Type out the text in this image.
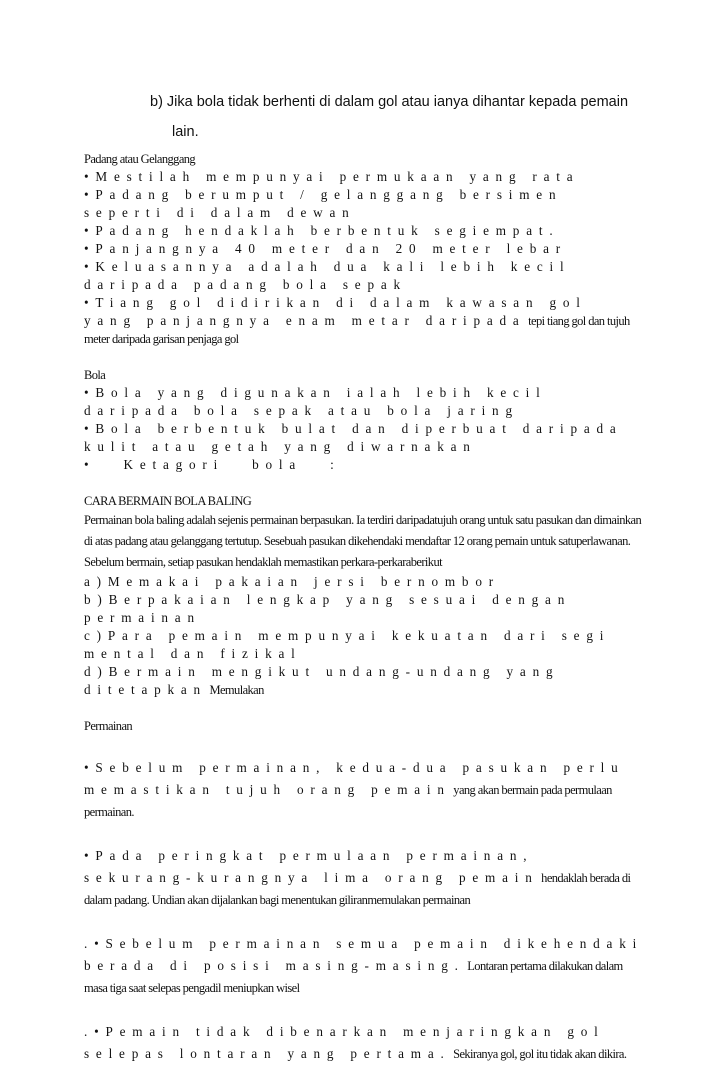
b) Jika bola tidak berhenti di dalam gol atau ianya dihantar kepada pemain
lain.
Padang atau Gelanggang
•Mestilah mempunyai permukaan yang rata
•Padang berumput / gelanggang bersimen seperti di dalam dewan
•Padang hendaklah berbentuk segiempat.
•Panjangnya 40 meter dan 20 meter lebar
•Keluasannya adalah dua kali lebih kecil daripada padang bola sepak
•Tiang gol didirikan di dalam kawasan gol yang panjangnya enam metar daripada tepi tiang gol dan tujuh meter daripada garisan penjaga gol
Bola
•Bola yang digunakan ialah lebih kecil daripada bola sepak atau bola jaring
•Bola berbentuk bulat dan diperbuat daripada kulit atau getah yang diwarnakan
• Ketagori bola :
CARA BERMAIN BOLA BALING
Permainan bola baling adalah sejenis permainan berpasukan. Ia terdiri daripadatujuh orang untuk satu pasukan dan dimainkan di atas padang atau gelanggang tertutup. Sesebuah pasukan dikehendaki mendaftar 12 orang pemain untuk satuperlawanan. Sebelum bermain, setiap pasukan hendaklah memastikan perkara-perkaraberikut
a)Memakai pakaian jersi bernombor
b)Berpakaian lengkap yang sesuai dengan permainan
c)Para pemain mempunyai kekuatan dari segi mental dan fizikal
d)Bermain mengikut undang-undang yang ditetapkan Memulakan
Permainan
•Sebelum permainan, kedua-dua pasukan perlu memastikan tujuh orang pemain yang akan bermain pada permulaan permainan.
•Pada peringkat permulaan permainan, sekurang-kurangnya lima orang pemain hendaklah berada di dalam padang. Undian akan dijalankan bagi menentukan giliranmemulakan permainan
.•Sebelum permainan semua pemain dikehendaki berada di posisi masing-masing. Lontaran pertama dilakukan dalam masa tiga saat selepas pengadil meniupkan wisel
.•Pemain tidak dibenarkan menjaringkan gol selepas lontaran yang pertama. Sekiranya gol, gol itu tidak akan dikira.
